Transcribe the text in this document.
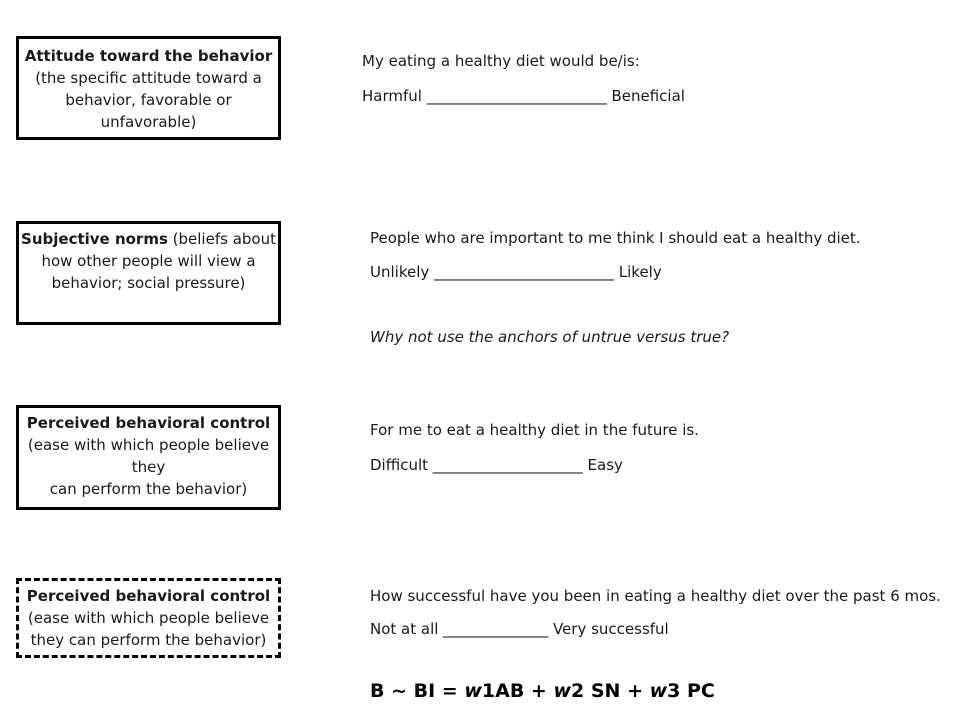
Attitude toward the behavior
(the specific attitude toward a behavior, favorable or unfavorable)
Subjective norms (beliefs about how other people will view a behavior; social pressure)
Perceived behavioral control
(ease with which people believe they
can perform the behavior)
Perceived behavioral control
(ease with which people believe they can perform the behavior)
My eating a healthy diet would be/is:
Harmful ________________________ Beneficial
People who are important to me think I should eat a healthy diet.
Unlikely ________________________ Likely
Why not use the anchors of untrue versus true?
For me to eat a healthy diet in the future is.
Difficult ____________________ Easy
How successful have you been in eating a healthy diet over the past 6 mos.
Not at all ______________ Very successful
B ~ BI = w1AB + w2 SN + w3 PC
